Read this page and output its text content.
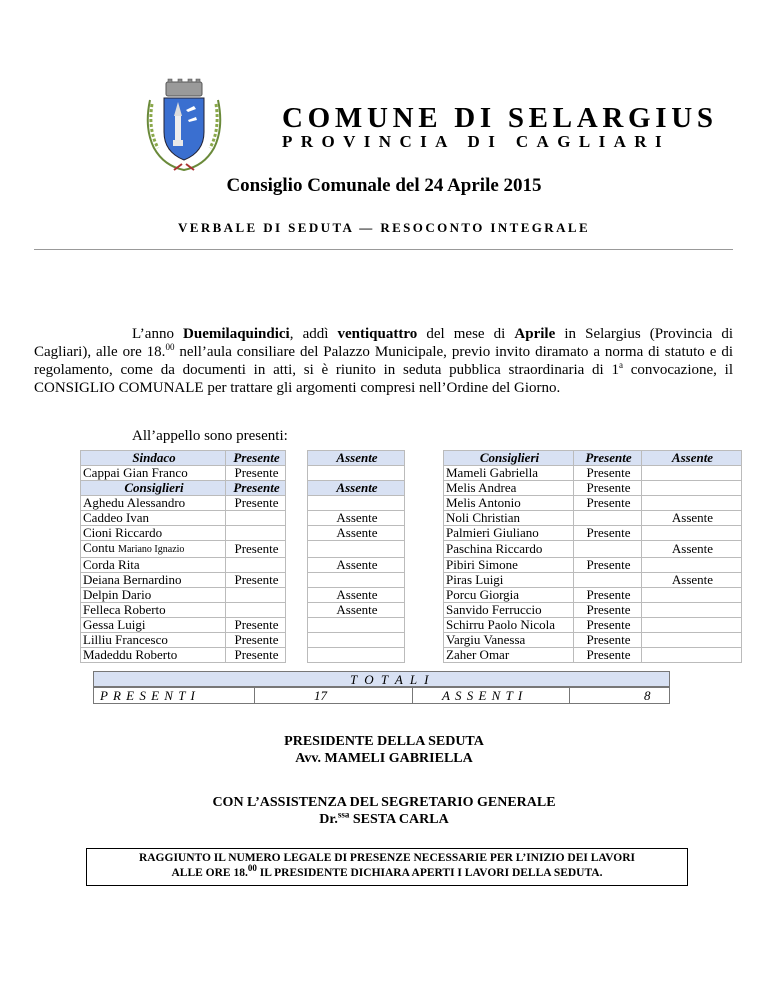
COMUNE DI SELARGIUS
PROVINCIA DI CAGLIARI
Consiglio Comunale del 24 Aprile 2015
VERBALE DI SEDUTA — RESOCONTO INTEGRALE

L’anno Duemilaquindici, addì ventiquattro del mese di Aprile in Selargius (Provincia di Cagliari), alle ore 18.00 nell’aula consiliare del Palazzo Municipale, previo invito diramato a norma di statuto e di regolamento, come da documenti in atti, si è riunito in seduta pubblica straordinaria di 1$^a$ convocazione, il CONSIGLIO COMUNALE per trattare gli argomenti compresi nell’Ordine del Giorno.

All’appello sono presenti:
Sindaco	Presente		Assente		Consiglieri	Presente	Assente
Cappai Gian Franco	Presente				Mameli Gabriella	Presente	
Consiglieri	Presente		Assente		Melis Andrea	Presente	
Aghedu Alessandro	Presente				Melis Antonio	Presente	
Caddeo Ivan			Assente		Noli Christian		Assente
Cioni Riccardo			Assente		Palmieri Giuliano	Presente	
Contu Mariano Ignazio	Presente				Paschina Riccardo		Assente
Corda Rita			Assente		Pibiri Simone	Presente	
Deiana Bernardino	Presente				Piras Luigi		Assente
Delpin Dario			Assente		Porcu Giorgia	Presente	
Felleca Roberto			Assente		Sanvido Ferruccio	Presente	
Gessa Luigi	Presente				Schirru Paolo Nicola	Presente	
Lilliu Francesco	Presente				Vargiu Vanessa	Presente	
Madeddu Roberto	Presente				Zaher Omar	Presente	
T O T A L I
P R E S E N T I	17	A S S E N T I	8
PRESIDENTE DELLA SEDUTA
Avv. MAMELI GABRIELLA
CON L’ASSISTENZA DEL SEGRETARIO GENERALE
Dr.$^{ssa}$ SESTA CARLA
RAGGIUNTO IL NUMERO LEGALE DI PRESENZE NECESSARIE PER L’INIZIO DEI LAVORI
ALLE ORE 18.00 IL PRESIDENTE DICHIARA APERTI I LAVORI DELLA SEDUTA.
